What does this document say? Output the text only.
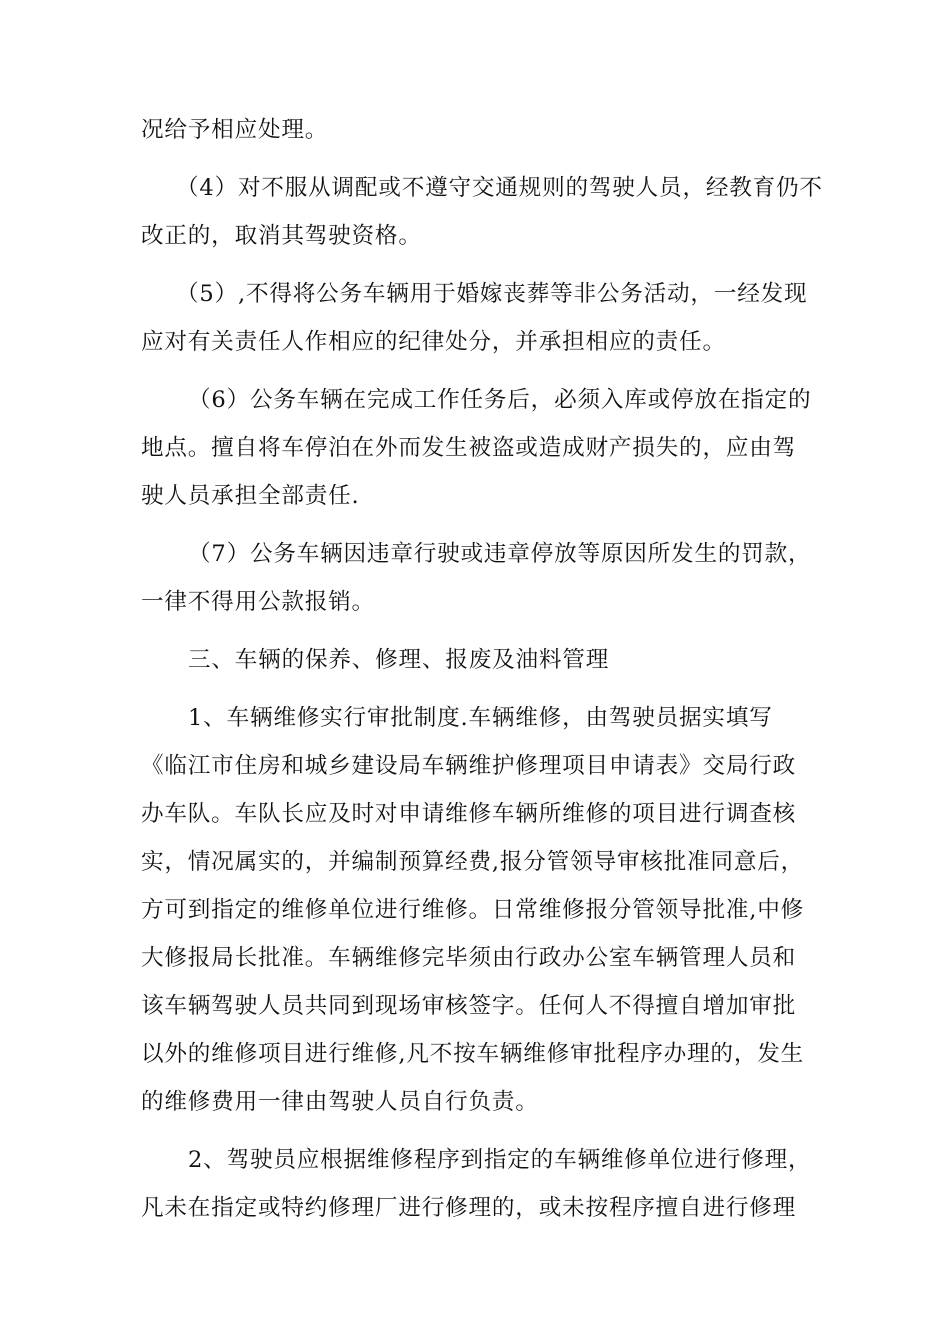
况给予相应处理。
（4）对不服从调配或不遵守交通规则的驾驶人员，经教育仍不
改正的，取消其驾驶资格。
（5）,不得将公务车辆用于婚嫁丧葬等非公务活动，一经发现
应对有关责任人作相应的纪律处分，并承担相应的责任。
（6）公务车辆在完成工作任务后，必须入库或停放在指定的
地点。擅自将车停泊在外而发生被盗或造成财产损失的，应由驾
驶人员承担全部责任.
（7）公务车辆因违章行驶或违章停放等原因所发生的罚款，
一律不得用公款报销。
三、车辆的保养、修理、报废及油料管理
1、车辆维修实行审批制度.车辆维修，由驾驶员据实填写
《临江市住房和城乡建设局车辆维护修理项目申请表》交局行政
办车队。车队长应及时对申请维修车辆所维修的项目进行调查核
实，情况属实的，并编制预算经费,报分管领导审核批准同意后，
方可到指定的维修单位进行维修。日常维修报分管领导批准,中修
大修报局长批准。车辆维修完毕须由行政办公室车辆管理人员和
该车辆驾驶人员共同到现场审核签字。任何人不得擅自增加审批
以外的维修项目进行维修,凡不按车辆维修审批程序办理的，发生
的维修费用一律由驾驶人员自行负责。
2、驾驶员应根据维修程序到指定的车辆维修单位进行修理，
凡未在指定或特约修理厂进行修理的，或未按程序擅自进行修理
